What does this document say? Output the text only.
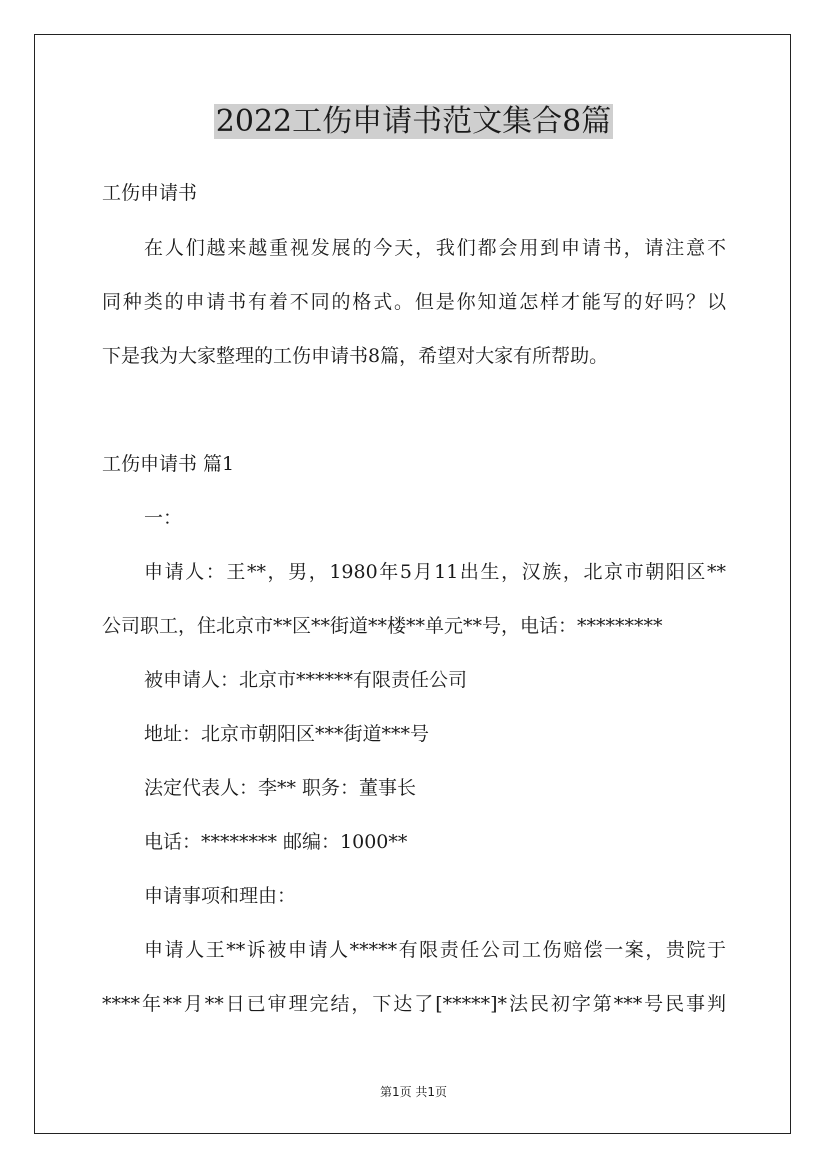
2022工伤申请书范文集合8篇
工伤申请书
在人们越来越重视发展的今天，我们都会用到申请书，请注意不
同种类的申请书有着不同的格式。但是你知道怎样才能写的好吗？以
下是我为大家整理的工伤申请书8篇，希望对大家有所帮助。
工伤申请书 篇1
一：
申请人：王**，男，1980年5月11出生，汉族，北京市朝阳区**
公司职工，住北京市**区**街道**楼**单元**号，电话：*********
被申请人：北京市******有限责任公司
地址：北京市朝阳区***街道***号
法定代表人：李** 职务：董事长
电话：******** 邮编：1000**
申请事项和理由：
申请人王**诉被申请人*****有限责任公司工伤赔偿一案，贵院于
****年**月**日已审理完结，下达了[*****]*法民初字第***号民事判
第1页 共1页
